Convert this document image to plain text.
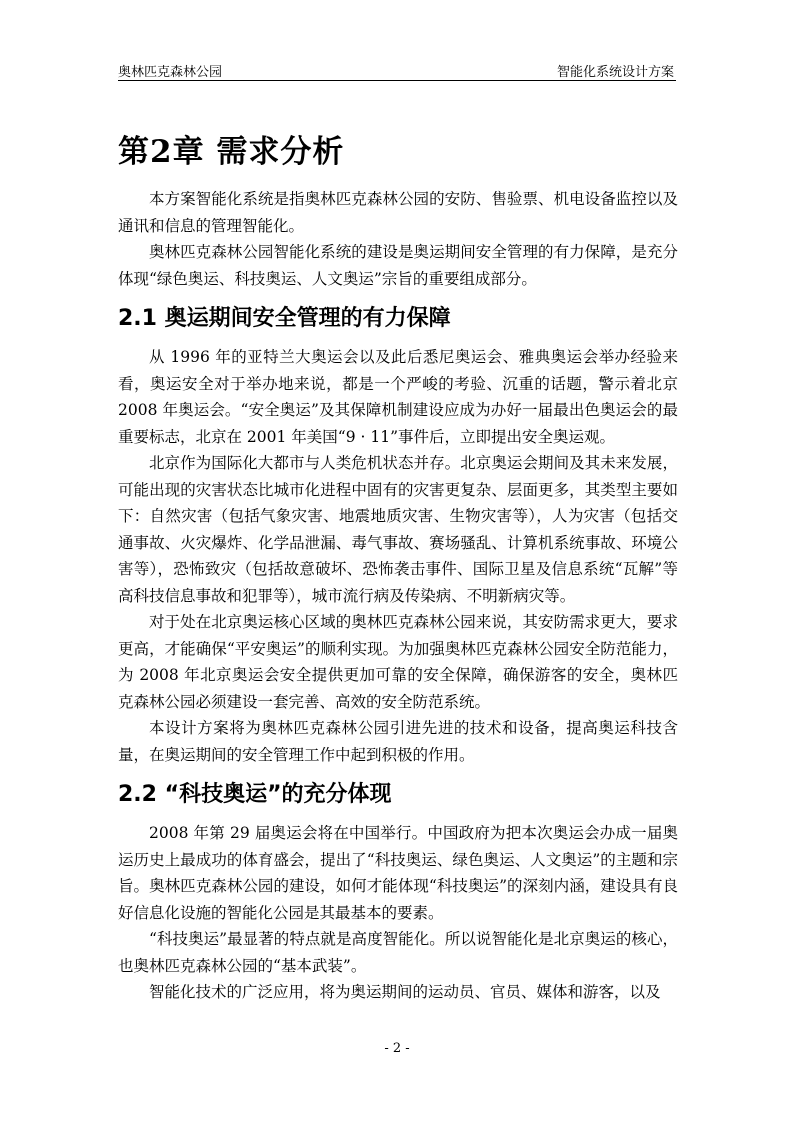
奥林匹克森林公园	智能化系统设计方案
第2章 需求分析

本方案智能化系统是指奥林匹克森林公园的安防、售验票、机电设备监控以及通讯和信息的管理智能化。

奥林匹克森林公园智能化系统的建设是奥运期间安全管理的有力保障，是充分体现“绿色奥运、科技奥运、人文奥运”宗旨的重要组成部分。

2.1 奥运期间安全管理的有力保障

从 1996 年的亚特兰大奥运会以及此后悉尼奥运会、雅典奥运会举办经验来看，奥运安全对于举办地来说，都是一个严峻的考验、沉重的话题，警示着北京 2008 年奥运会。“安全奥运”及其保障机制建设应成为办好一届最出色奥运会的最重要标志，北京在 2001 年美国“9 · 11”事件后，立即提出安全奥运观。

北京作为国际化大都市与人类危机状态并存。北京奥运会期间及其未来发展，可能出现的灾害状态比城市化进程中固有的灾害更复杂、层面更多，其类型主要如下：自然灾害（包括气象灾害、地震地质灾害、生物灾害等），人为灾害（包括交通事故、火灾爆炸、化学品泄漏、毒气事故、赛场骚乱、计算机系统事故、环境公害等），恐怖致灾（包括故意破坏、恐怖袭击事件、国际卫星及信息系统“瓦解”等高科技信息事故和犯罪等），城市流行病及传染病、不明新病灾等。

对于处在北京奥运核心区域的奥林匹克森林公园来说，其安防需求更大，要求更高，才能确保“平安奥运”的顺利实现。为加强奥林匹克森林公园安全防范能力，为 2008 年北京奥运会安全提供更加可靠的安全保障，确保游客的安全，奥林匹克森林公园必须建设一套完善、高效的安全防范系统。

本设计方案将为奥林匹克森林公园引进先进的技术和设备，提高奥运科技含量，在奥运期间的安全管理工作中起到积极的作用。

2.2 “科技奥运”的充分体现

2008 年第 29 届奥运会将在中国举行。中国政府为把本次奥运会办成一届奥运历史上最成功的体育盛会，提出了“科技奥运、绿色奥运、人文奥运”的主题和宗旨。奥林匹克森林公园的建设，如何才能体现“科技奥运”的深刻内涵，建设具有良好信息化设施的智能化公园是其最基本的要素。

“科技奥运”最显著的特点就是高度智能化。所以说智能化是北京奥运的核心，也奥林匹克森林公园的“基本武装”。

智能化技术的广泛应用，将为奥运期间的运动员、官员、媒体和游客，以及

- 2 -
